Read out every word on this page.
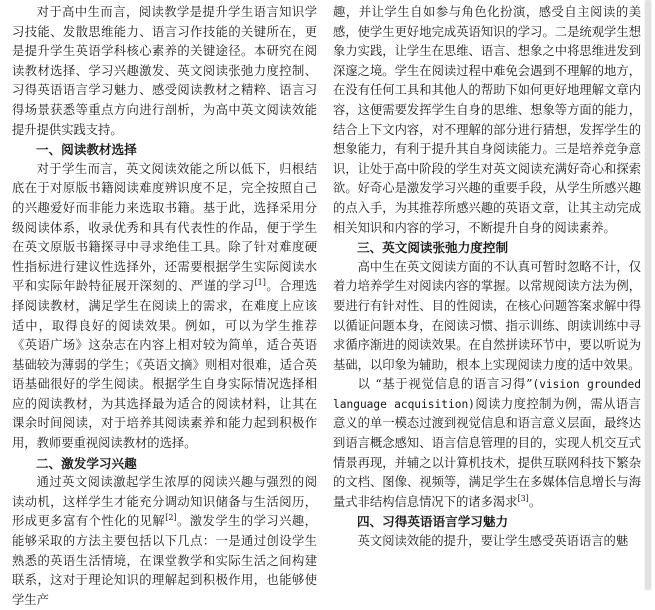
对于高中生而言，阅读教学是提升学生语言知识学习技能、发散思维能力、语言习作技能的关键所在，更是提升学生英语学科核心素养的关键途径。本研究在阅读教材选择、学习兴趣激发、英文阅读张弛力度控制、习得英语语言学习魅力、感受阅读教材之精粹、语言习得场景获悉等重点方向进行剖析，为高中英文阅读效能提升提供实践支持。

一、阅读教材选择

对于学生而言，英文阅读效能之所以低下，归根结底在于对原版书籍阅读难度辨识度不足，完全按照自己的兴趣爱好而非能力来选取书籍。基于此，选择采用分级阅读体系，收录优秀和具有代表性的作品，便于学生在英文原版书籍探寻中寻求绝佳工具。除了针对难度硬性指标进行建议性选择外，还需要根据学生实际阅读水平和实际年龄特征展开深刻的、严谨的学习[1]。合理选择阅读教材，满足学生在阅读上的需求，在难度上应该适中，取得良好的阅读效果。例如，可以为学生推荐《英语广场》这杂志在内容上相对较为简单，适合英语基础较为薄弱的学生；《英语文摘》则相对很难，适合英语基础很好的学生阅读。根据学生自身实际情况选择相应的阅读教材，为其选择最为适合的阅读材料，让其在课余时间阅读，对于培养其阅读素养和能力起到积极作用，教师要重视阅读教材的选择。

二、激发学习兴趣

通过英文阅读激起学生浓厚的阅读兴趣与强烈的阅读动机，这样学生才能充分调动知识储备与生活阅历，形成更多富有个性化的见解[2]。激发学生的学习兴趣，能够采取的方法主要包括以下几点：一是通过创设学生熟悉的英语生活情境，在课堂教学和实际生活之间构建联系，这对于理论知识的理解起到积极作用，也能够使学生产

趣，并让学生自如参与角色化扮演，感受自主阅读的美感，使学生更好地完成英语知识的学习。二是统观学生想象力实践，让学生在思维、语言、想象之中将思维进发到深邃之境。学生在阅读过程中难免会遇到不理解的地方，在没有任何工具和其他人的帮助下如何更好地理解文章内容，这便需要发挥学生自身的思维、想象等方面的能力，结合上下文内容，对不理解的部分进行猜想，发挥学生的想象能力，有利于提升其自身阅读能力。三是培养竞争意识，让处于高中阶段的学生对英文阅读充满好奇心和探索欲。好奇心是激发学习兴趣的重要手段，从学生所感兴趣的点入手，为其推荐所感兴趣的英语文章，让其主动完成相关知识和内容的学习，不断提升自身的阅读素养。

三、英文阅读张弛力度控制

高中生在英文阅读方面的不认真可暂时忽略不计，仅着力培养学生对阅读内容的掌握。以常规阅读方法为例，要进行有针对性、目的性阅读，在核心问题答案求解中得以循证问题本身，在阅读习惯、指示训练、朗读训练中寻求循序渐进的阅读效果。在自然拼读环节中，要以听说为基础，以印象为辅助，根本上实现阅读力度的适中效果。

以 “基于视觉信息的语言习得”(vision grounded language acquisition)阅读力度控制为例，需从语言意义的单一模态过渡到视觉信息和语言意义层面，最终达到语言概念感知、语言信息管理的目的，实现人机交互式情景再现，并辅之以计算机技术，提供互联网科技下繁杂的文档、图像、视频等，满足学生在多媒体信息增长与海量式非结构信息情况下的诸多渴求[3]。

四、习得英语语言学习魅力

英文阅读效能的提升，要让学生感受英语语言的魅
